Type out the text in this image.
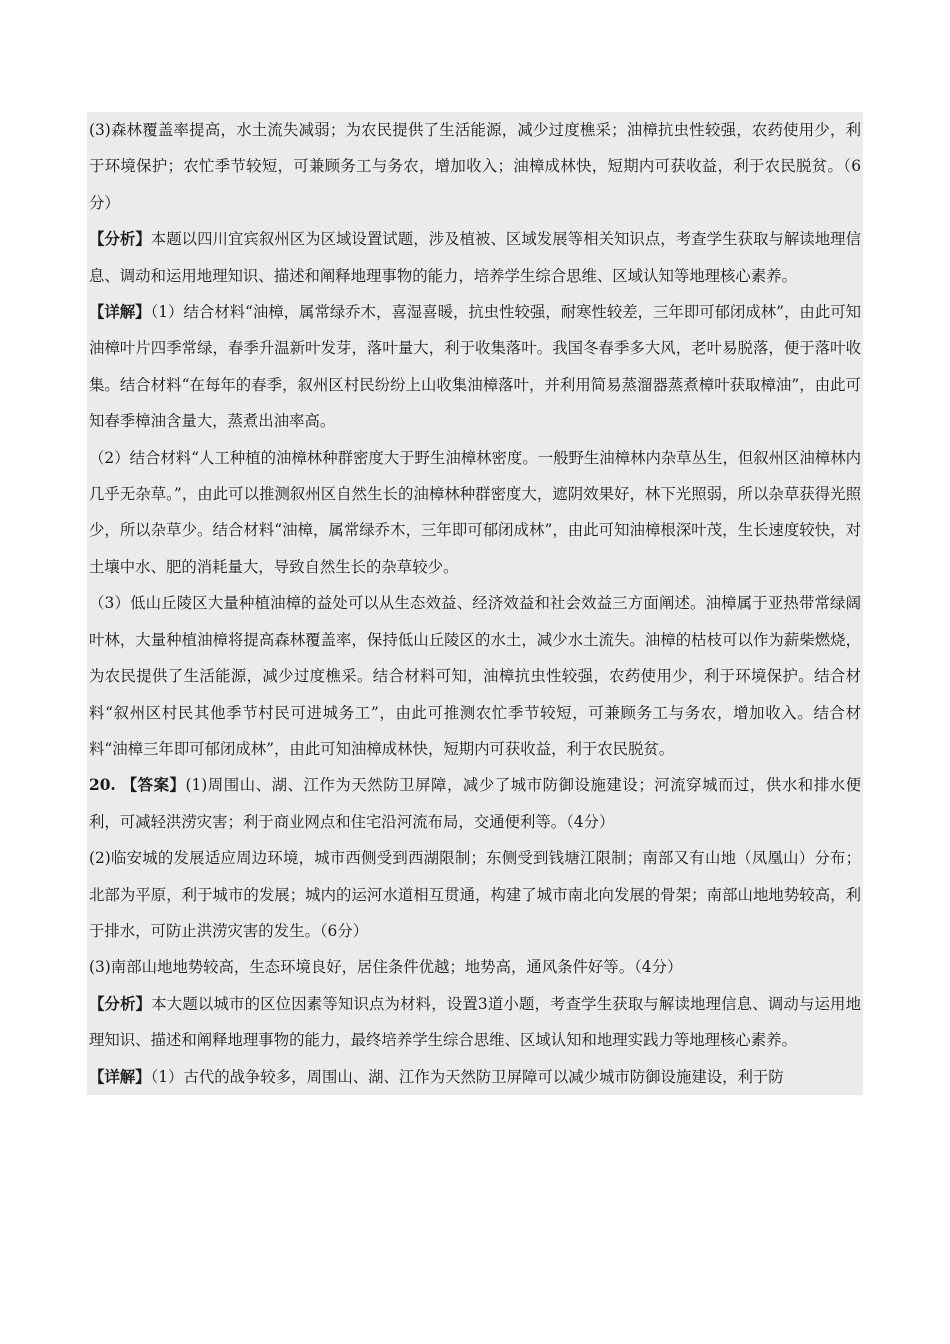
(3)森林覆盖率提高，水土流失减弱；为农民提供了生活能源，减少过度樵采；油樟抗虫性较强，农药使用少，利于环境保护；农忙季节较短，可兼顾务工与务农，增加收入；油樟成林快，短期内可获收益，利于农民脱贫。（6分）

【分析】本题以四川宜宾叙州区为区域设置试题，涉及植被、区域发展等相关知识点，考查学生获取与解读地理信息、调动和运用地理知识、描述和阐释地理事物的能力，培养学生综合思维、区域认知等地理核心素养。

【详解】（1）结合材料“油樟，属常绿乔木，喜湿喜暖，抗虫性较强，耐寒性较差，三年即可郁闭成林”，由此可知油樟叶片四季常绿，春季升温新叶发芽，落叶量大，利于收集落叶。我国冬春季多大风，老叶易脱落，便于落叶收集。结合材料“在每年的春季，叙州区村民纷纷上山收集油樟落叶，并利用简易蒸溜器蒸煮樟叶获取樟油”，由此可知春季樟油含量大，蒸煮出油率高。

（2）结合材料“人工种植的油樟林种群密度大于野生油樟林密度。一般野生油樟林内杂草丛生，但叙州区油樟林内几乎无杂草。”，由此可以推测叙州区自然生长的油樟林种群密度大，遮阴效果好，林下光照弱，所以杂草获得光照少，所以杂草少。结合材料“油樟，属常绿乔木，三年即可郁闭成林”，由此可知油樟根深叶茂，生长速度较快，对土壤中水、肥的消耗量大，导致自然生长的杂草较少。

（3）低山丘陵区大量种植油樟的益处可以从生态效益、经济效益和社会效益三方面阐述。油樟属于亚热带常绿阔叶林，大量种植油樟将提高森林覆盖率，保持低山丘陵区的水土，减少水土流失。油樟的枯枝可以作为薪柴燃烧，为农民提供了生活能源，减少过度樵采。结合材料可知，油樟抗虫性较强，农药使用少，利于环境保护。结合材料“叙州区村民其他季节村民可进城务工”，由此可推测农忙季节较短，可兼顾务工与务农，增加收入。结合材料“油樟三年即可郁闭成林”，由此可知油樟成林快，短期内可获收益，利于农民脱贫。

20. 【答案】(1)周围山、湖、江作为天然防卫屏障，减少了城市防御设施建设；河流穿城而过，供水和排水便利，可减轻洪涝灾害；利于商业网点和住宅沿河流布局，交通便利等。（4分）

(2)临安城的发展适应周边环境，城市西侧受到西湖限制；东侧受到钱塘江限制；南部又有山地（凤凰山）分布；北部为平原，利于城市的发展；城内的运河水道相互贯通，构建了城市南北向发展的骨架；南部山地地势较高，利于排水，可防止洪涝灾害的发生。（6分）

(3)南部山地地势较高，生态环境良好，居住条件优越；地势高，通风条件好等。（4分）

【分析】本大题以城市的区位因素等知识点为材料，设置3道小题，考查学生获取与解读地理信息、调动与运用地理知识、描述和阐释地理事物的能力，最终培养学生综合思维、区域认知和地理实践力等地理核心素养。

【详解】（1）古代的战争较多，周围山、湖、江作为天然防卫屏障可以减少城市防御设施建设，利于防
